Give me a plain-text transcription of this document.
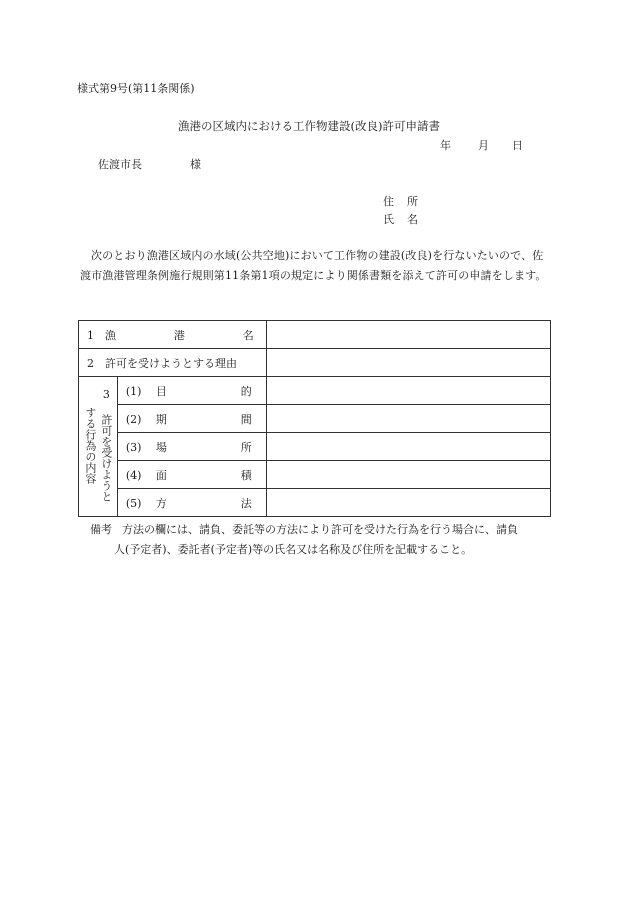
様式第9号(第11条関係)
漁港の区域内における工作物建設(改良)許可申請書
年 月 日
佐渡市長	様
住所
氏名
次のとおり漁港区域内の水域(公共空地)において工作物の建設(改良)を行ないたいので、佐渡市漁港管理条例施行規則第11条第1項の規定により関係書類を添えて許可の申請をします。
1 漁 港 名		

2 許可を受けようとする理由		
3 許可を受けようとする行為の内容	(1) 目 的	

	(2) 期 間	

	(3) 場 所	

	(4) 面 積	

	(5) 方 法	

備考 方法の欄には、請負、委託等の方法により許可を受けた行為を行う場合に、請負
人(予定者)、委託者(予定者)等の氏名又は名称及び住所を記載すること。
